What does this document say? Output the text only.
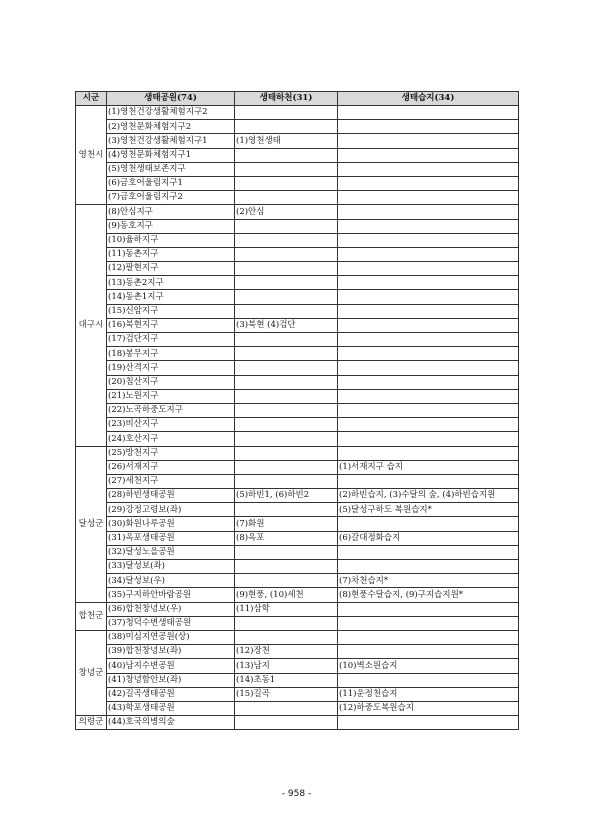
시군	생태공원(74)	생태하천(31)	생태습지(34)
영천시	(1)영천건강생활체험지구2		
	(2)영천문화체험지구2		
	(3)영천건강생활체험지구1	(1)영천생태	
	(4)영천문화체험지구1		
	(5)영천생태보존지구		
	(6)금호어울림지구1		
	(7)금호어울림지구2		
대구시	(8)안심지구	(2)안심	
	(9)동호지구		
	(10)율하지구		
	(11)동촌지구		
	(12)팔현지구		
	(13)동촌2지구		
	(14)동촌1지구		
	(15)신암지구		
	(16)북현지구	(3)북현 (4)검단	
	(17)검단지구		
	(18)봉무지구		
	(19)산격지구		
	(20)침산지구		
	(21)노원지구		
	(22)노곡하중도지구		
	(23)비산지구		
	(24)호산지구		
달성군	(25)방천지구		
	(26)서재지구		(1)서재지구 습지
	(27)세천지구		
	(28)하빈생태공원	(5)하빈1, (6)하빈2	(2)하빈습지, (3)수달의 숲, (4)하빈습지원
	(29)강정고령보(좌)		(5)달성구하도 복원습지*
	(30)화원나루공원	(7)화원	
	(31)옥포생태공원	(8)옥포	(6)갈대정화습지
	(32)달성노을공원		
	(33)달성보(좌)		
	(34)달성보(우)		(7)차천습지*
	(35)구지하안바람공원	(9)현풍, (10)세천	(8)현풍수달습지, (9)구지습지원*
합천군	(36)합천창녕보(우)	(11)삼학	
	(37)청덕수변생태공원		
창녕군	(38)미심지연공원(상)		
	(39)합천창녕보(좌)	(12)장천	
	(40)남지수변공원	(13)남지	(10)벽소원습지
	(41)창녕함안보(좌)	(14)초동1	
	(42)길곡생태공원	(15)길곡	(11)운정천습지
	(43)학포생태공원		(12)하중도복원습지
의령군	(44)호국의병의숲		
- 958 -
